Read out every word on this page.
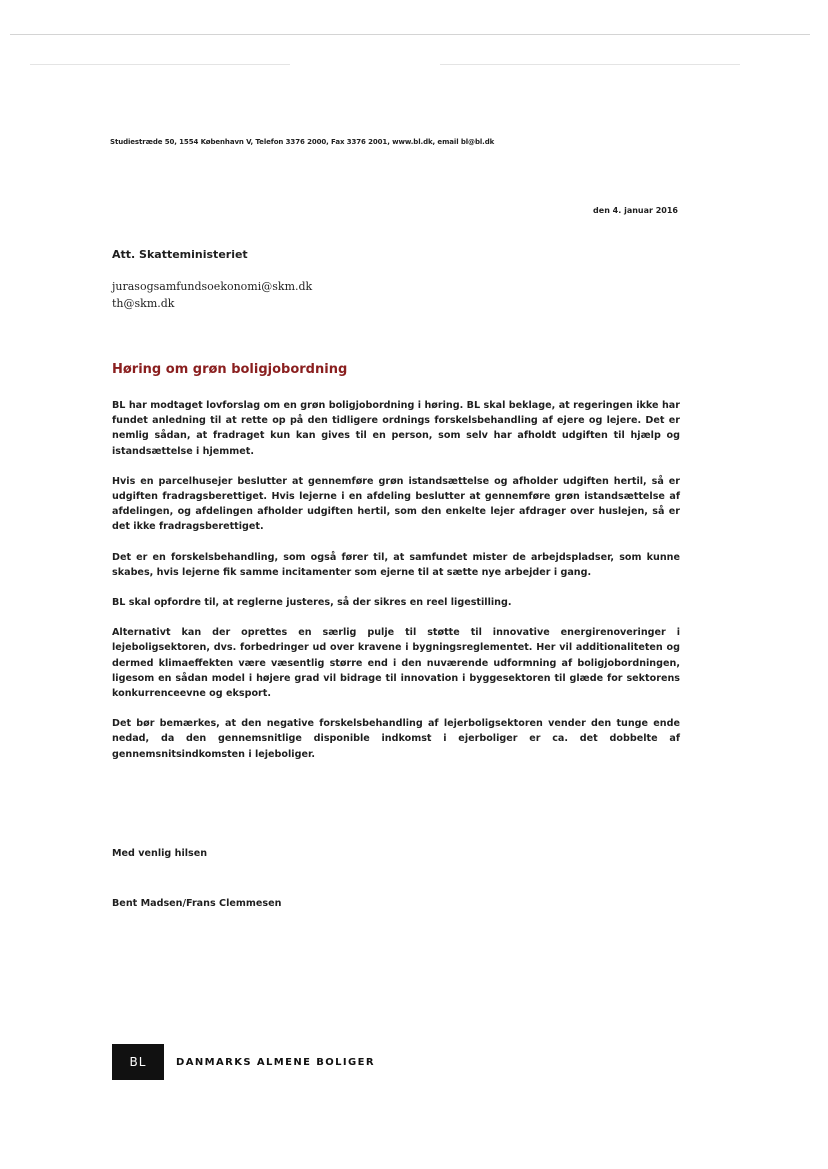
Studiestræde 50, 1554 København V, Telefon 3376 2000, Fax 3376 2001, www.bl.dk, email bl@bl.dk
den 4. januar 2016
Att. Skatteministeriet
jurasogsamfundsoekonomi@skm.dk
th@skm.dk
Høring om grøn boligjobordning

BL har modtaget lovforslag om en grøn boligjobordning i høring. BL skal beklage, at regeringen ikke har fundet anledning til at rette op på den tidligere ordnings forskelsbehandling af ejere og lejere. Det er nemlig sådan, at fradraget kun kan gives til en person, som selv har afholdt udgiften til hjælp og istandsættelse i hjemmet.

Hvis en parcelhusejer beslutter at gennemføre grøn istandsættelse og afholder udgiften hertil, så er udgiften fradragsberettiget. Hvis lejerne i en afdeling beslutter at gennemføre grøn istandsættelse af afdelingen, og afdelingen afholder udgiften hertil, som den enkelte lejer afdrager over huslejen, så er det ikke fradragsberettiget.

Det er en forskelsbehandling, som også fører til, at samfundet mister de arbejdspladser, som kunne skabes, hvis lejerne fik samme incitamenter som ejerne til at sætte nye arbejder i gang.

BL skal opfordre til, at reglerne justeres, så der sikres en reel ligestilling.

Alternativt kan der oprettes en særlig pulje til støtte til innovative energirenoveringer i lejeboligsektoren, dvs. forbedringer ud over kravene i bygningsreglementet. Her vil additionaliteten og dermed klimaeffekten være væsentlig større end i den nuværende udformning af boligjobordningen, ligesom en sådan model i højere grad vil bidrage til innovation i byggesektoren til glæde for sektorens konkurrenceevne og eksport.

Det bør bemærkes, at den negative forskelsbehandling af lejerboligsektoren vender den tunge ende nedad, da den gennemsnitlige disponible indkomst i ejerboliger er ca. det dobbelte af gennemsnitsindkomsten i lejeboliger.

Med venlig hilsen
Bent Madsen/Frans Clemmesen
BL	DANMARKS ALMENE BOLIGER
